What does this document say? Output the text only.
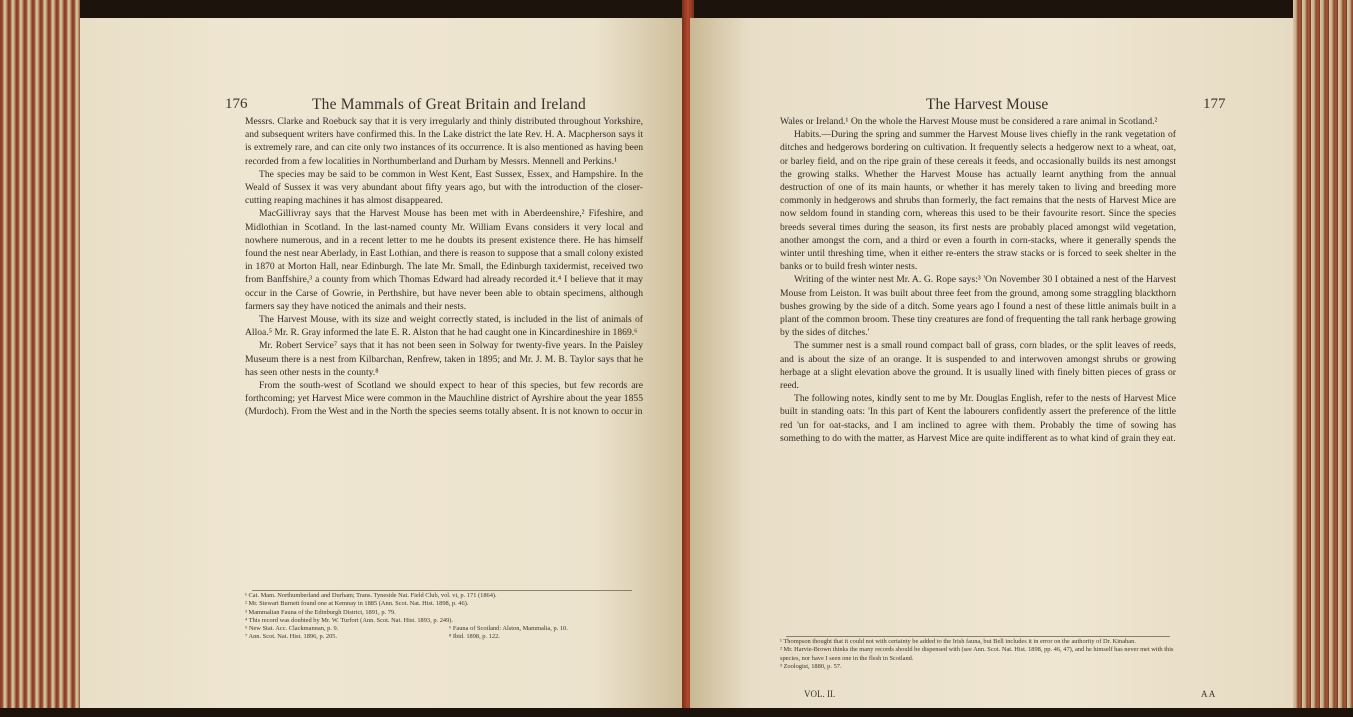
176	The Mammals of Great Britain and Ireland

Messrs. Clarke and Roebuck say that it is very irregularly and thinly distributed throughout Yorkshire, and subsequent writers have confirmed this. In the Lake district the late Rev. H. A. Macpherson says it is extremely rare, and can cite only two instances of its occurrence. It is also mentioned as having been recorded from a few localities in Northumberland and Durham by Messrs. Mennell and Perkins.¹

The species may be said to be common in West Kent, East Sussex, Essex, and Hampshire. In the Weald of Sussex it was very abundant about fifty years ago, but with the introduction of the closer-cutting reaping machines it has almost disappeared.

MacGillivray says that the Harvest Mouse has been met with in Aberdeenshire,² Fifeshire, and Midlothian in Scotland. In the last-named county Mr. William Evans considers it very local and nowhere numerous, and in a recent letter to me he doubts its present existence there. He has himself found the nest near Aberlady, in East Lothian, and there is reason to suppose that a small colony existed in 1870 at Morton Hall, near Edinburgh. The late Mr. Small, the Edinburgh taxidermist, received two from Banffshire,³ a county from which Thomas Edward had already recorded it.⁴ I believe that it may occur in the Carse of Gowrie, in Perthshire, but have never been able to obtain specimens, although farmers say they have noticed the animals and their nests.

The Harvest Mouse, with its size and weight correctly stated, is included in the list of animals of Alloa.⁵ Mr. R. Gray informed the late E. R. Alston that he had caught one in Kincardineshire in 1869.⁶

Mr. Robert Service⁷ says that it has not been seen in Solway for twenty-five years. In the Paisley Museum there is a nest from Kilbarchan, Renfrew, taken in 1895; and Mr. J. M. B. Taylor says that he has seen other nests in the county.⁸

From the south-west of Scotland we should expect to hear of this species, but few records are forthcoming; yet Harvest Mice were common in the Mauchline district of Ayrshire about the year 1855 (Murdoch). From the West and in the North the species seems totally absent. It is not known to occur in

¹ Cat. Mam. Northumberland and Durham; Trans. Tyneside Nat. Field Club, vol. vi, p. 171 (1864).

² Mr. Stewart Burnett found one at Kemnay in 1885 (Ann. Scot. Nat. Hist. 1898, p. 46).

³ Mammalian Fauna of the Edinburgh District, 1891, p. 79.

⁴ This record was doubted by Mr. W. Turfort (Ann. Scot. Nat. Hist. 1893, p. 249).

⁵ New Stat. Acc. Clackmannan, p. 9.	⁶ Fauna of Scotland: Alston, Mammalia, p. 10.

⁷ Ann. Scot. Nat. Hist. 1896, p. 205.	⁸ Ibid. 1898, p. 122.

The Harvest Mouse	177

Wales or Ireland.¹ On the whole the Harvest Mouse must be considered a rare animal in Scotland.²

Habits.—During the spring and summer the Harvest Mouse lives chiefly in the rank vegetation of ditches and hedgerows bordering on cultivation. It frequently selects a hedgerow next to a wheat, oat, or barley field, and on the ripe grain of these cereals it feeds, and occasionally builds its nest amongst the growing stalks. Whether the Harvest Mouse has actually learnt anything from the annual destruction of one of its main haunts, or whether it has merely taken to living and breeding more commonly in hedgerows and shrubs than formerly, the fact remains that the nests of Harvest Mice are now seldom found in standing corn, whereas this used to be their favourite resort. Since the species breeds several times during the season, its first nests are probably placed amongst wild vegetation, another amongst the corn, and a third or even a fourth in corn-stacks, where it generally spends the winter until threshing time, when it either re-enters the straw stacks or is forced to seek shelter in the banks or to build fresh winter nests.

Writing of the winter nest Mr. A. G. Rope says:³ 'On November 30 I obtained a nest of the Harvest Mouse from Leiston. It was built about three feet from the ground, among some straggling blackthorn bushes growing by the side of a ditch. Some years ago I found a nest of these little animals built in a plant of the common broom. These tiny creatures are fond of frequenting the tall rank herbage growing by the sides of ditches.'

The summer nest is a small round compact ball of grass, corn blades, or the split leaves of reeds, and is about the size of an orange. It is suspended to and interwoven amongst shrubs or growing herbage at a slight elevation above the ground. It is usually lined with finely bitten pieces of grass or reed.

The following notes, kindly sent to me by Mr. Douglas English, refer to the nests of Harvest Mice built in standing oats: 'In this part of Kent the labourers confidently assert the preference of the little red 'un for oat-stacks, and I am inclined to agree with them. Probably the time of sowing has something to do with the matter, as Harvest Mice are quite indifferent as to what kind of grain they eat.

¹ Thompson thought that it could not with certainty be added to the Irish fauna, but Bell includes it in error on the authority of Dr. Kinahan.

² Mr. Harvie-Brown thinks the many records should be dispensed with (see Ann. Scot. Nat. Hist. 1898, pp. 46, 47), and he himself has never met with this species, nor have I seen one in the flesh in Scotland.

³ Zoologist, 1880, p. 57.

VOL. II.	A A
